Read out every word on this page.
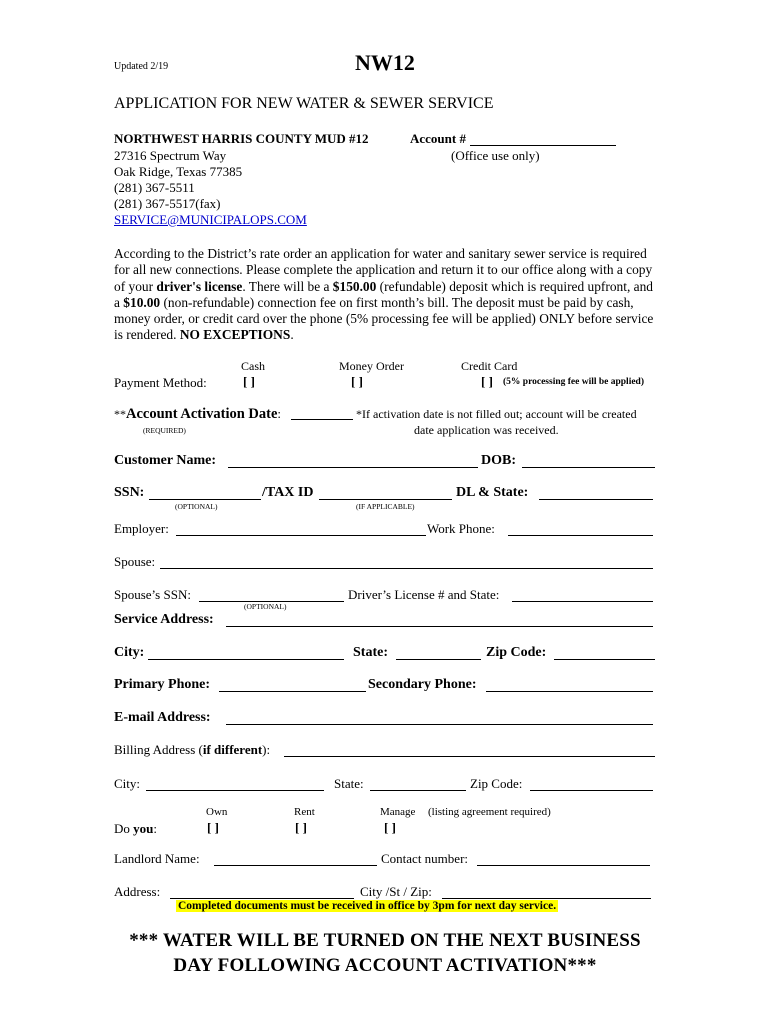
Updated 2/19	NW12
APPLICATION FOR NEW WATER & SEWER SERVICE
NORTHWEST HARRIS COUNTY MUD #12
27316 Spectrum Way
Oak Ridge, Texas 77385
(281) 367-5511
(281) 367-5517(fax)
SERVICE@MUNICIPALOPS.COM
Account #
(Office use only)
According to the District’s rate order an application for water and sanitary sewer service is required for all new connections. Please complete the application and return it to our office along with a copy of your driver's license. There will be a $150.00 (refundable) deposit which is required upfront, and a $10.00 (non-refundable) connection fee on first month’s bill. The deposit must be paid by cash, money order, or credit card over the phone (5% processing fee will be applied) ONLY before service is rendered. NO EXCEPTIONS.
Cash	Money Order	Credit Card
Payment Method:	[ ]	[ ]	[ ] (5% processing fee will be applied)
**Account Activation Date:	*If activation date is not filled out; account will be created
(REQUIRED)	date application was received.
Customer Name:	DOB:
SSN:	/TAX ID	DL & State:
(OPTIONAL)	(IF APPLICABLE)
Employer:	Work Phone:
Spouse:
Spouse’s SSN:	Driver’s License # and State:
(OPTIONAL)
Service Address:
City:	State:	Zip Code:
Primary Phone:	Secondary Phone:
E-mail Address:
Billing Address (if different):
City:	State:	Zip Code:
Own	Rent	Manage (listing agreement required)
Do you:	[ ]	[ ]	[ ]
Landlord Name:	Contact number:
Address:	City /St / Zip:
Completed documents must be received in office by 3pm for next day service.
*** WATER WILL BE TURNED ON THE NEXT BUSINESS
DAY FOLLOWING ACCOUNT ACTIVATION***
